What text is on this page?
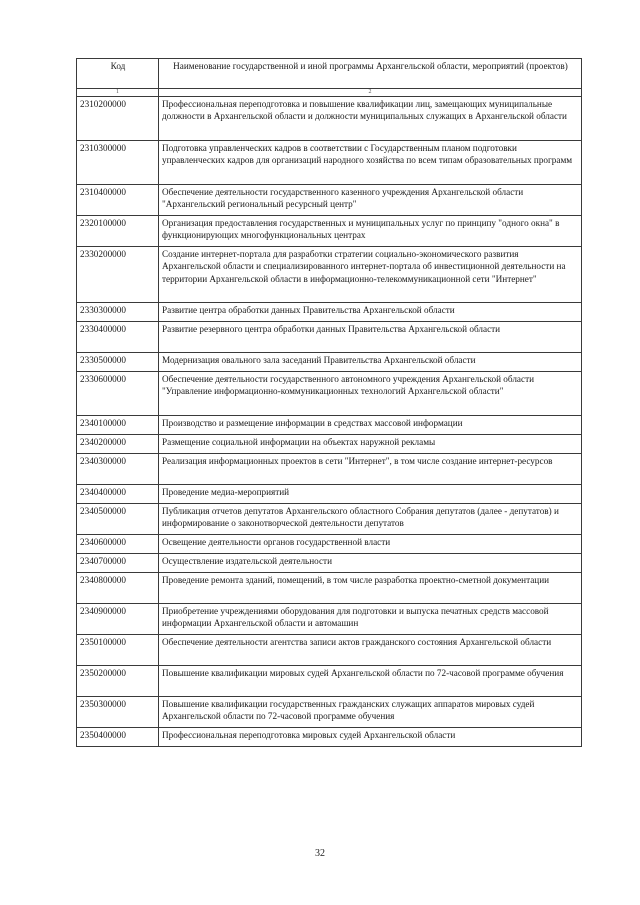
Код	Наименование государственной и иной программы Архангельской области, мероприятий (проектов)
1	2
2310200000	Профессиональная переподготовка и повышение квалификации лиц, замещающих муниципальные должности в Архангельской области и должности муниципальных служащих в Архангельской области
2310300000	Подготовка управленческих кадров в соответствии с Государственным планом подготовки управленческих кадров для организаций народного хозяйства по всем типам образовательных программ
2310400000	Обеспечение деятельности государственного казенного учреждения Архангельской области "Архангельский региональный ресурсный центр"
2320100000	Организация предоставления государственных и муниципальных услуг по принципу "одного окна" в функционирующих многофункциональных центрах
2330200000	Создание интернет-портала для разработки стратегии социально-экономического развития Архангельской области и специализированного интернет-портала об инвестиционной деятельности на территории Архангельской области в информационно-телекоммуникационной сети "Интернет"
2330300000	Развитие центра обработки данных Правительства Архангельской области
2330400000	Развитие резервного центра обработки данных Правительства Архангельской области
2330500000	Модернизация овального зала заседаний Правительства Архангельской области
2330600000	Обеспечение деятельности государственного автономного учреждения Архангельской области "Управление информационно-коммуникационных технологий Архангельской области"
2340100000	Производство и размещение информации в средствах массовой информации
2340200000	Размещение социальной информации на объектах наружной рекламы
2340300000	Реализация информационных проектов в сети "Интернет", в том числе создание интернет-ресурсов
2340400000	Проведение медиа-мероприятий
2340500000	Публикация отчетов депутатов Архангельского областного Собрания депутатов (далее - депутатов) и информирование о законотворческой деятельности депутатов
2340600000	Освещение деятельности органов государственной власти
2340700000	Осуществление издательской деятельности
2340800000	Проведение ремонта зданий, помещений, в том числе разработка проектно-сметной документации
2340900000	Приобретение учреждениями оборудования для подготовки и выпуска печатных средств массовой информации Архангельской области и автомашин
2350100000	Обеспечение деятельности агентства записи актов гражданского состояния Архангельской области
2350200000	Повышение квалификации мировых судей Архангельской области по 72-часовой программе обучения
2350300000	Повышение квалификации государственных гражданских служащих аппаратов мировых судей Архангельской области по 72-часовой программе обучения
2350400000	Профессиональная переподготовка мировых судей Архангельской области
32
